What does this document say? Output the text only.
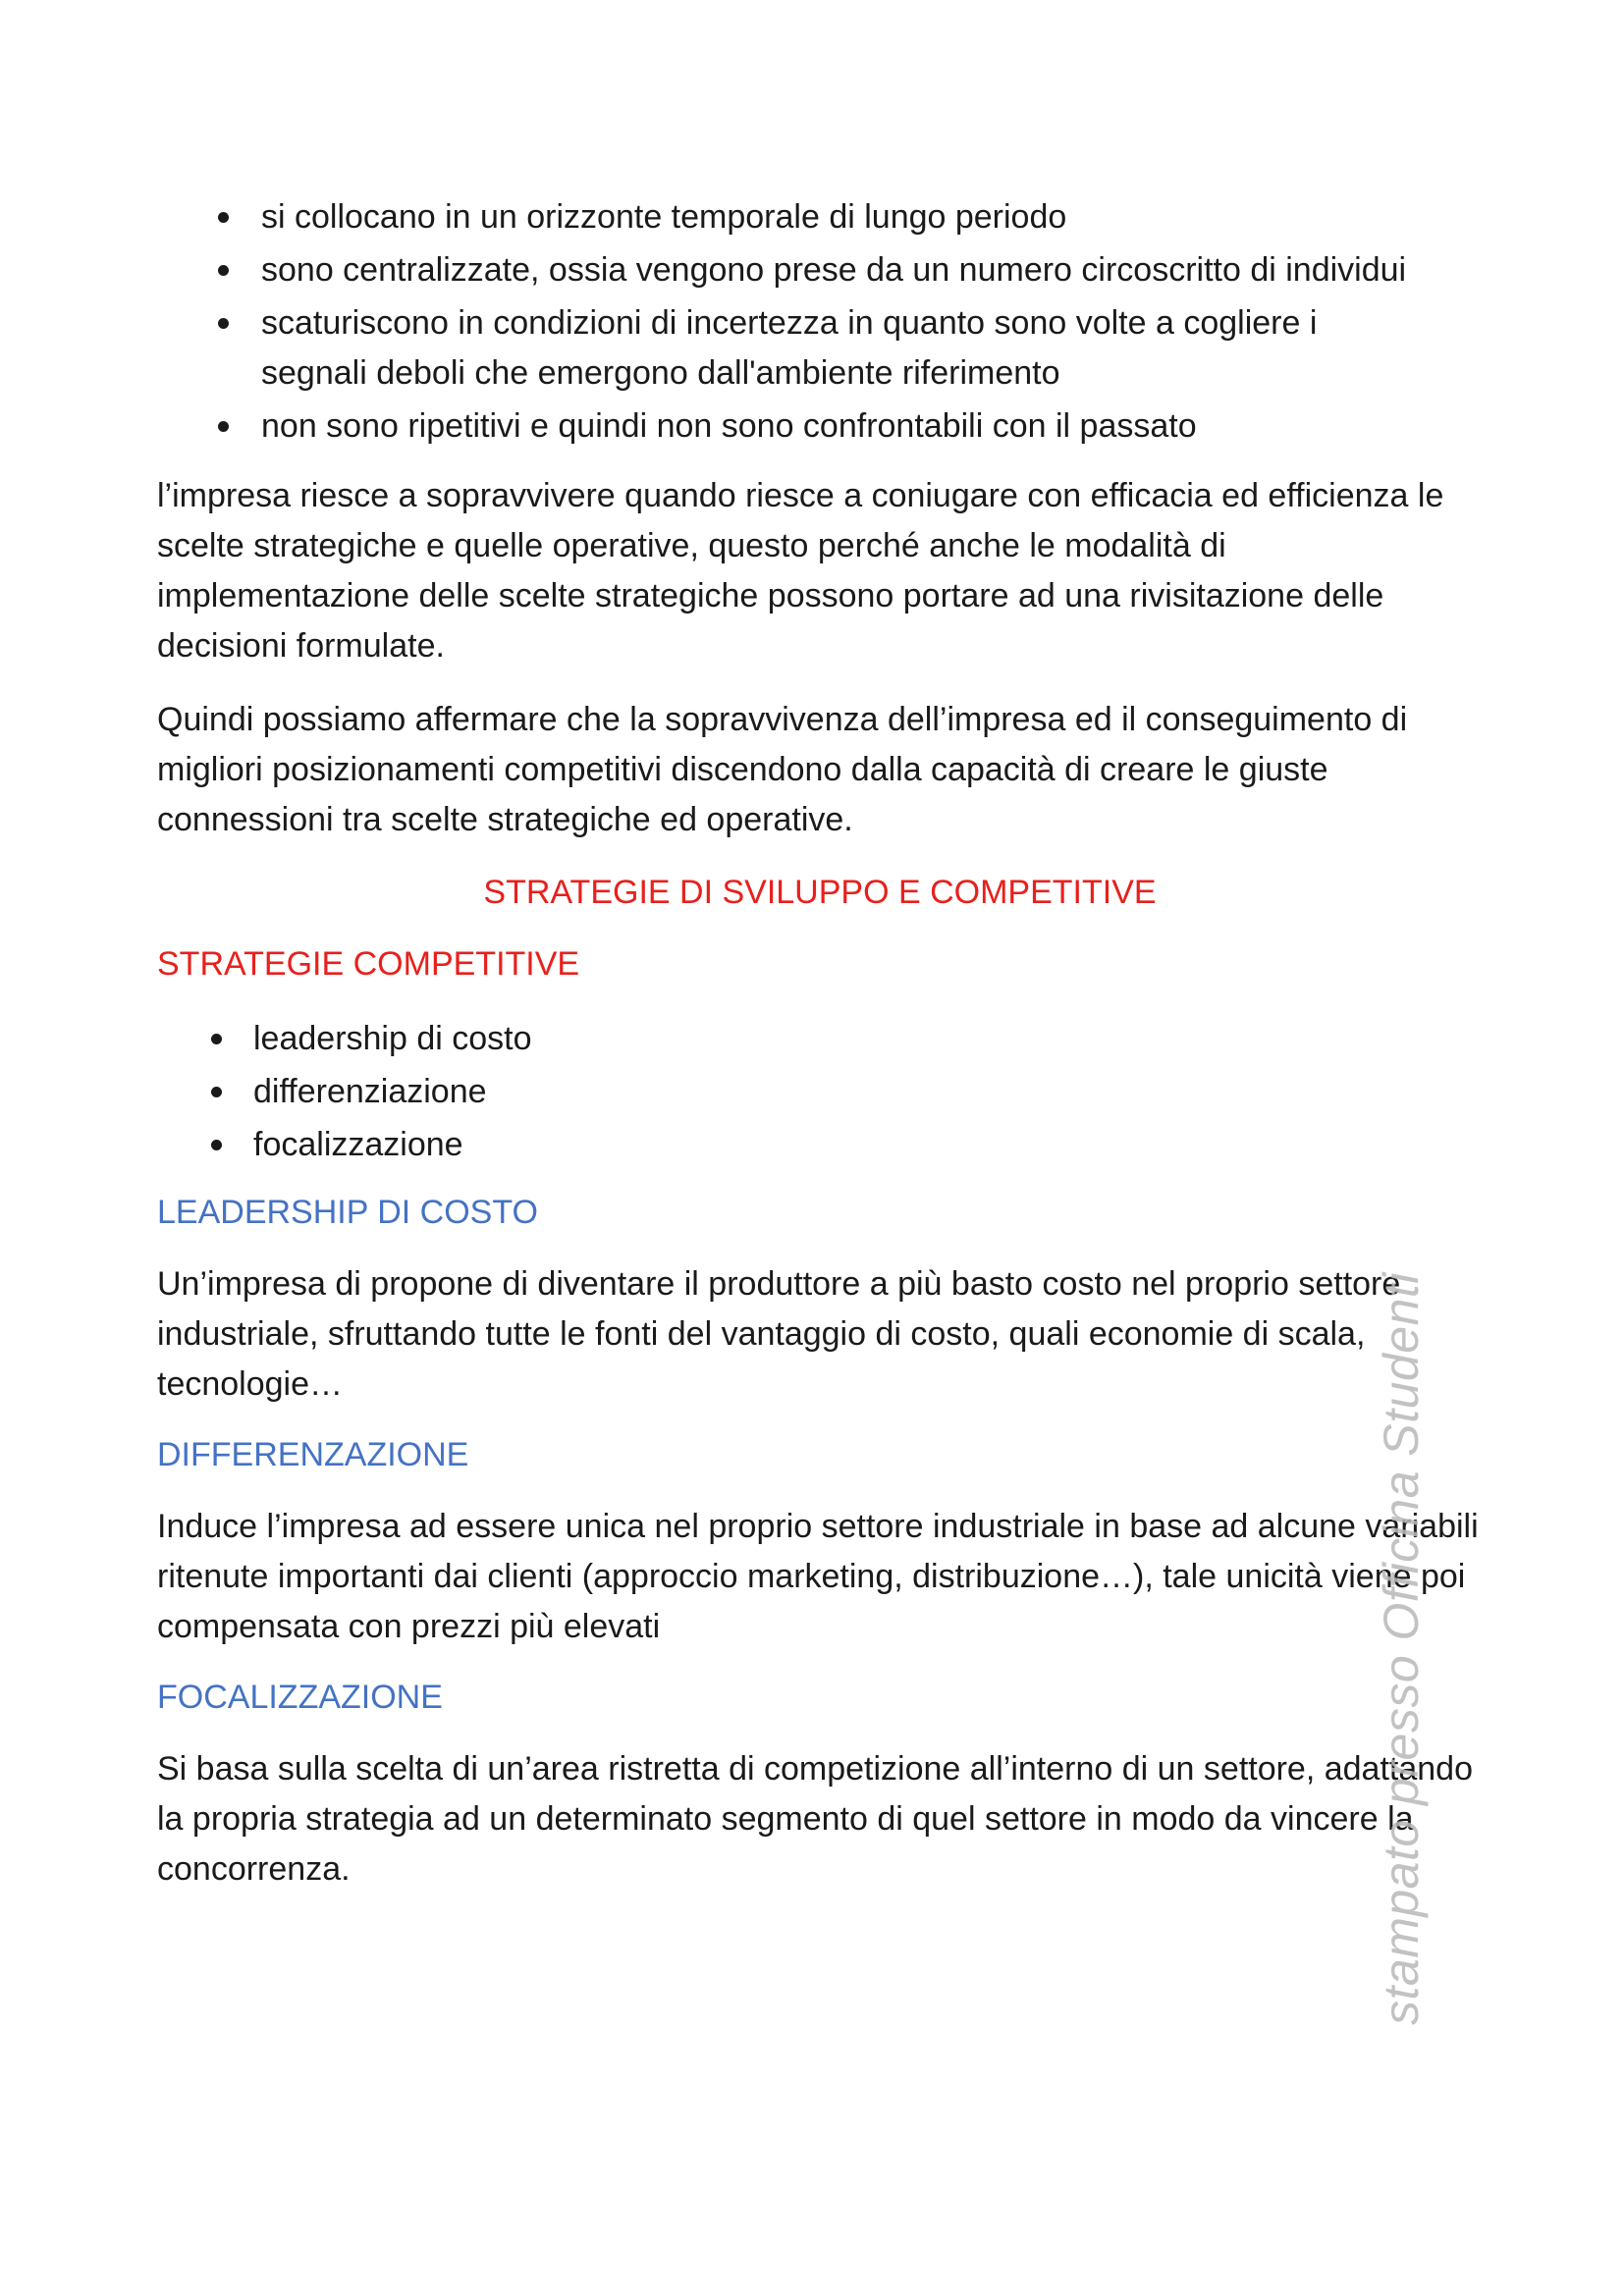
si collocano in un orizzonte temporale di lungo periodo
sono centralizzate, ossia vengono prese da un numero circoscritto di individui
scaturiscono in condizioni di incertezza in quanto sono volte a cogliere i segnali deboli che emergono dall'ambiente riferimento
non sono ripetitivi e quindi non sono confrontabili con il passato

l’impresa riesce a sopravvivere quando riesce a coniugare con efficacia ed efficienza le scelte strategiche e quelle operative, questo perché anche le modalità di implementazione delle scelte strategiche possono portare ad una rivisitazione delle decisioni formulate.

Quindi possiamo affermare che la sopravvivenza dell’impresa ed il conseguimento di migliori posizionamenti competitivi discendono dalla capacità di creare le giuste connessioni tra scelte strategiche ed operative.

STRATEGIE DI SVILUPPO E COMPETITIVE

STRATEGIE COMPETITIVE

leadership di costo
differenziazione
focalizzazione

LEADERSHIP DI COSTO

Un’impresa di propone di diventare il produttore a più basto costo nel proprio settore industriale, sfruttando tutte le fonti del vantaggio di costo, quali economie di scala, tecnologie…

DIFFERENZAZIONE

Induce l’impresa ad essere unica nel proprio settore industriale in base ad alcune variabili ritenute importanti dai clienti (approccio marketing, distribuzione…), tale unicità viene poi compensata con prezzi più elevati

FOCALIZZAZIONE

Si basa sulla scelta di un’area ristretta di competizione all’interno di un settore, adattando la propria strategia ad un determinato segmento di quel settore in modo da vincere la concorrenza.	stampato presso Officina Studenti
